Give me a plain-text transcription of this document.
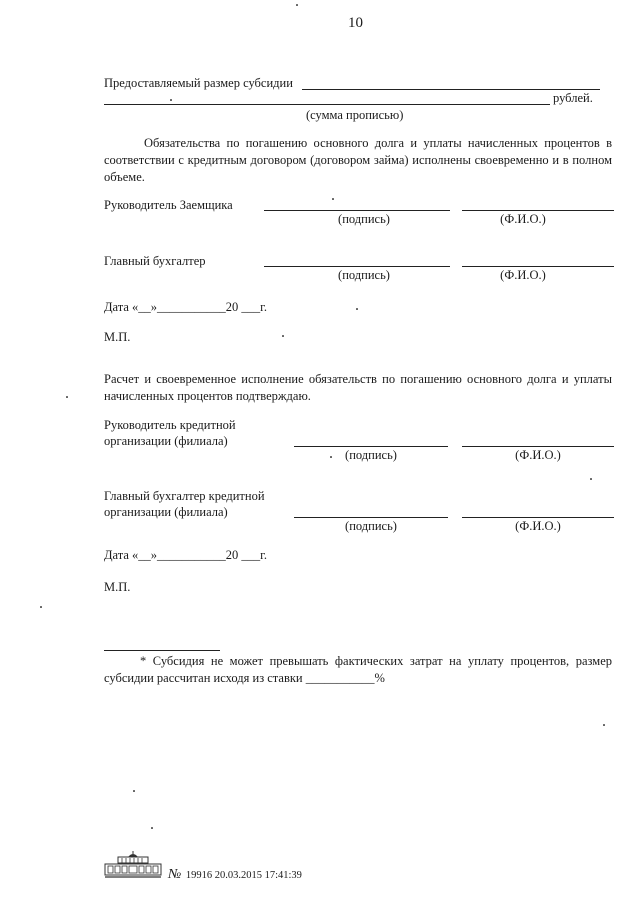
10
Предоставляемый размер субсидии
рублей.
(сумма прописью)
Обязательства по погашению основного долга и уплаты начисленных процентов в соответствии с кредитным договором (договором займа) исполнены своевременно и в полном объеме.
Руководитель Заемщика
(подпись)	(Ф.И.О.)
Главный бухгалтер
(подпись)	(Ф.И.О.)
Дата «__»___________20 ___г.
М.П.
Расчет и своевременное исполнение обязательств по погашению основного долга и уплаты начисленных процентов подтверждаю.
Руководитель кредитной
организации (филиала)
(подпись)	(Ф.И.О.)
Главный бухгалтер кредитной
организации (филиала)
(подпись)	(Ф.И.О.)
Дата «__»___________20 ___г.
М.П.
* Субсидия не может превышать фактических затрат на уплату процентов, размер субсидии рассчитан исходя из ставки ___________%
№ 19916 20.03.2015 17:41:39
